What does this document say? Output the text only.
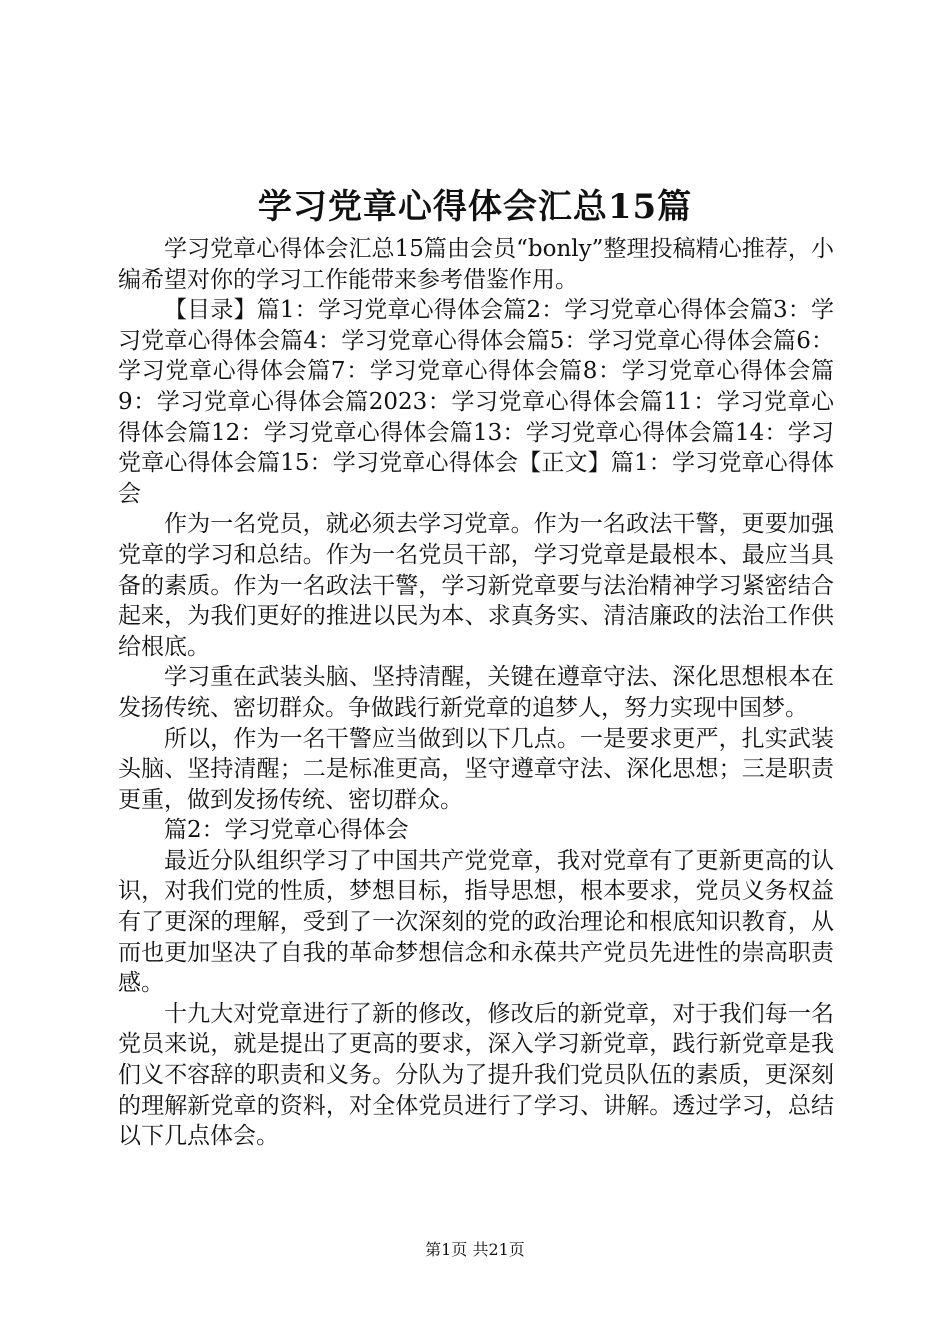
学习党章心得体会汇总15篇

学习党章心得体会汇总15篇由会员“bonly”整理投稿精心推荐，小编希望对你的学习工作能带来参考借鉴作用。

【目录】篇1：学习党章心得体会篇2：学习党章心得体会篇3：学习党章心得体会篇4：学习党章心得体会篇5：学习党章心得体会篇6：学习党章心得体会篇7：学习党章心得体会篇8：学习党章心得体会篇9：学习党章心得体会篇2023：学习党章心得体会篇11：学习党章心得体会篇12：学习党章心得体会篇13：学习党章心得体会篇14：学习党章心得体会篇15：学习党章心得体会【正文】篇1：学习党章心得体会

作为一名党员，就必须去学习党章。作为一名政法干警，更要加强党章的学习和总结。作为一名党员干部，学习党章是最根本、最应当具备的素质。作为一名政法干警，学习新党章要与法治精神学习紧密结合起来，为我们更好的推进以民为本、求真务实、清洁廉政的法治工作供给根底。

学习重在武装头脑、坚持清醒，关键在遵章守法、深化思想根本在发扬传统、密切群众。争做践行新党章的追梦人，努力实现中国梦。

所以，作为一名干警应当做到以下几点。一是要求更严，扎实武装头脑、坚持清醒；二是标准更高，坚守遵章守法、深化思想；三是职责更重，做到发扬传统、密切群众。

篇2：学习党章心得体会

最近分队组织学习了中国共产党党章，我对党章有了更新更高的认识，对我们党的性质，梦想目标，指导思想，根本要求，党员义务权益有了更深的理解，受到了一次深刻的党的政治理论和根底知识教育，从而也更加坚决了自我的革命梦想信念和永葆共产党员先进性的崇高职责感。

十九大对党章进行了新的修改，修改后的新党章，对于我们每一名党员来说，就是提出了更高的要求，深入学习新党章，践行新党章是我们义不容辞的职责和义务。分队为了提升我们党员队伍的素质，更深刻的理解新党章的资料，对全体党员进行了学习、讲解。透过学习，总结以下几点体会。

第1页 共21页
